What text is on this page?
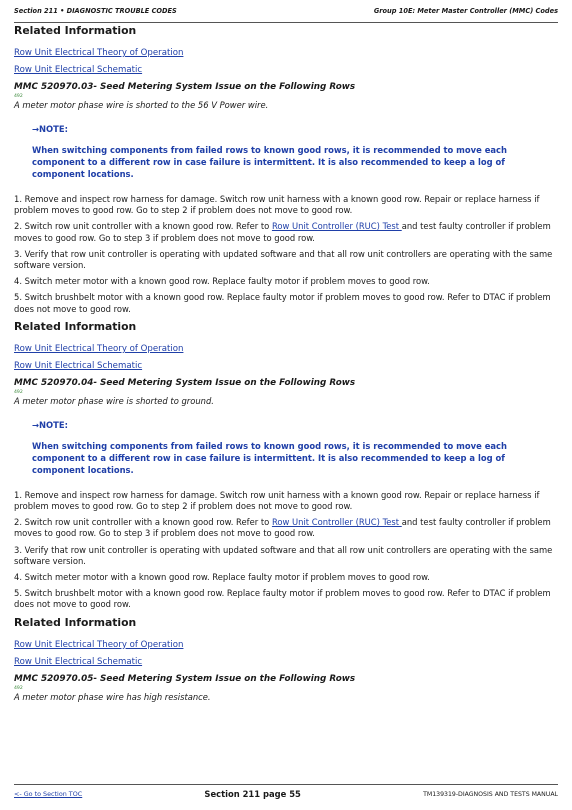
Section 211 • DIAGNOSTIC TROUBLE CODES	Group 10E: Meter Master Controller (MMC) Codes
Related Information
Row Unit Electrical Theory of Operation
Row Unit Electrical Schematic
MMC 520970.03- Seed Metering System Issue on the Following Rows
492
A meter motor phase wire is shorted to the 56 V Power wire.
→NOTE:
When switching components from failed rows to known good rows, it is recommended to move each component to a different row in case failure is intermittent. It is also recommended to keep a log of component locations.
1. Remove and inspect row harness for damage. Switch row unit harness with a known good row. Repair or replace harness if problem moves to good row. Go to step 2 if problem does not move to good row.
2. Switch row unit controller with a known good row. Refer to Row Unit Controller (RUC) Test and test faulty controller if problem moves to good row. Go to step 3 if problem does not move to good row.
3. Verify that row unit controller is operating with updated software and that all row unit controllers are operating with the same software version.
4. Switch meter motor with a known good row. Replace faulty motor if problem moves to good row.
5. Switch brushbelt motor with a known good row. Replace faulty motor if problem moves to good row. Refer to DTAC if problem does not move to good row.
Related Information
Row Unit Electrical Theory of Operation
Row Unit Electrical Schematic
MMC 520970.04- Seed Metering System Issue on the Following Rows
492
A meter motor phase wire is shorted to ground.
→NOTE:
When switching components from failed rows to known good rows, it is recommended to move each component to a different row in case failure is intermittent. It is also recommended to keep a log of component locations.
1. Remove and inspect row harness for damage. Switch row unit harness with a known good row. Repair or replace harness if problem moves to good row. Go to step 2 if problem does not move to good row.
2. Switch row unit controller with a known good row. Refer to Row Unit Controller (RUC) Test and test faulty controller if problem moves to good row. Go to step 3 if problem does not move to good row.
3. Verify that row unit controller is operating with updated software and that all row unit controllers are operating with the same software version.
4. Switch meter motor with a known good row. Replace faulty motor if problem moves to good row.
5. Switch brushbelt motor with a known good row. Replace faulty motor if problem moves to good row. Refer to DTAC if problem does not move to good row.
Related Information
Row Unit Electrical Theory of Operation
Row Unit Electrical Schematic
MMC 520970.05- Seed Metering System Issue on the Following Rows
492
A meter motor phase wire has high resistance.
<- Go to Section TOC	Section 211 page 55	TM139319-DIAGNOSIS AND TESTS MANUAL
